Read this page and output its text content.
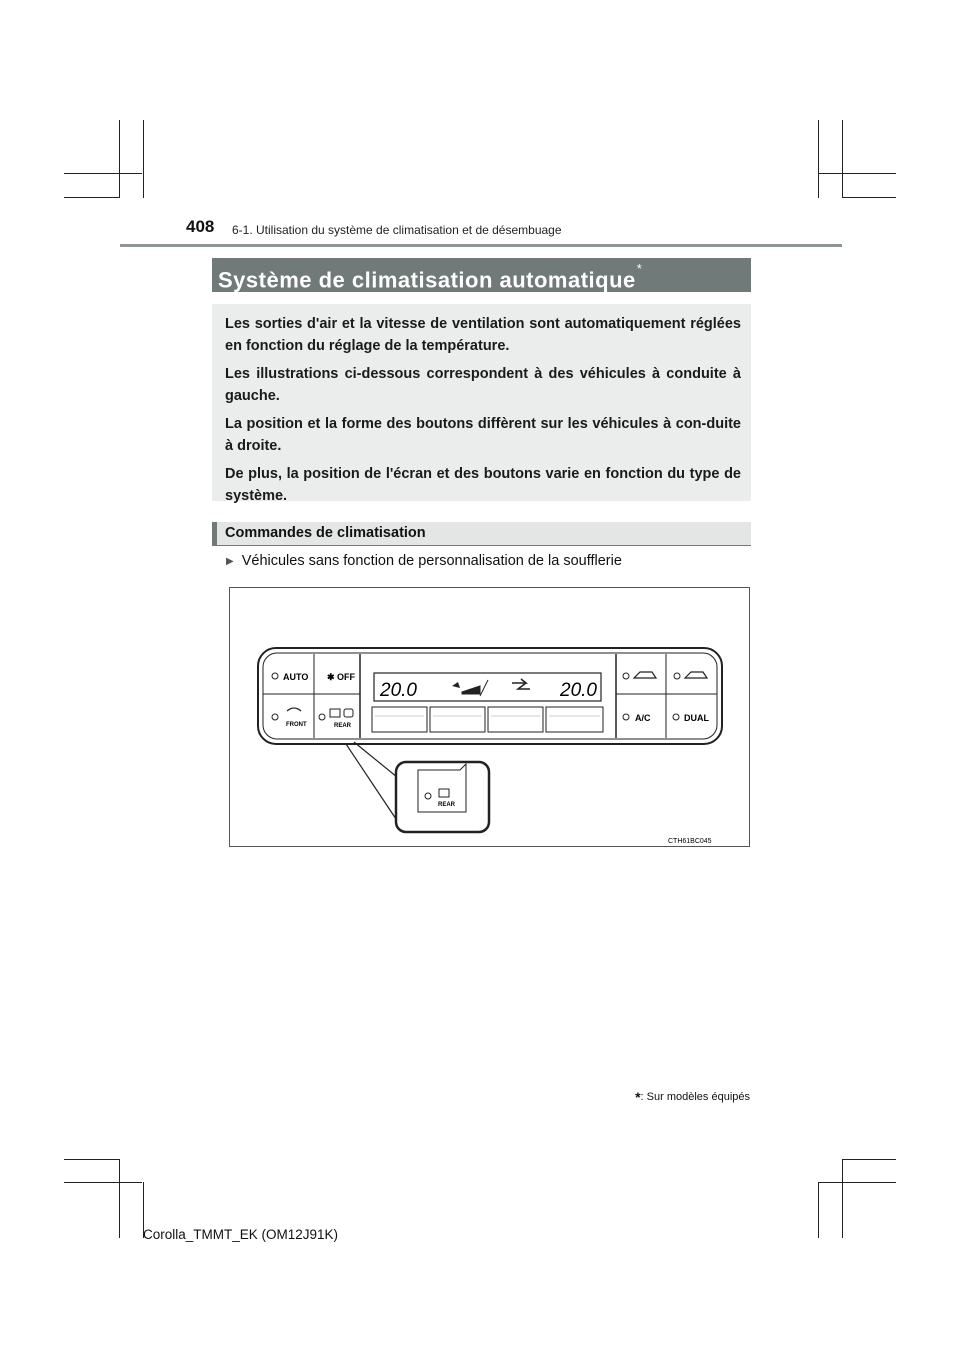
408 6-1. Utilisation du système de climatisation et de désembuage
Système de climatisation automatique*

Les sorties d'air et la vitesse de ventilation sont automatiquement réglées en fonction du réglage de la température.

Les illustrations ci-dessous correspondent à des véhicules à conduite à gauche.

La position et la forme des boutons diffèrent sur les véhicules à con-duite à droite.

De plus, la position de l'écran et des boutons varie en fonction du type de système.

Commandes de climatisation
▶ Véhicules sans fonction de personnalisation de la soufflerie
AUTO ✱ OFF
FRONT	REAR
20.0	20.0
A/C	DUAL
REAR
CTH61BC045
*: Sur modèles équipés
Corolla_TMMT_EK (OM12J91K)
